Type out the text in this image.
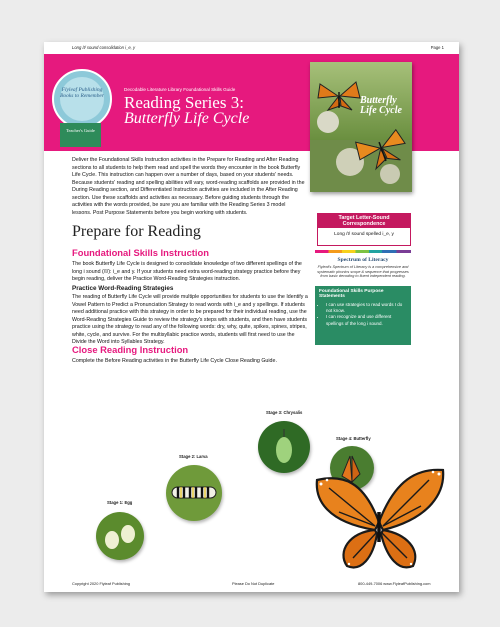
Long /ī/ sound consolidation i_e, y	Page 1
Flyleaf Publishing Books to Remember
Teacher's Guide
Decodable Literature Library Foundational Skills Guide
Reading Series 3:
Butterfly Life Cycle
Butterfly Life Cycle
Deliver the Foundational Skills Instruction activities in the Prepare for Reading and After Reading sections to all students to help them read and spell the words they encounter in the book Butterfly Life Cycle. This instruction can happen over a number of days, based on your students' needs. Because students' reading and spelling abilities will vary, word-reading scaffolds are provided in the During Reading section, and Differentiated Instruction activities are included in the After Reading section. Use these scaffolds and activities as necessary. Before guiding students through the activities with the words provided, be sure you are familiar with the Reading Series 3 model lessons. Post Purpose Statements before you begin working with students.
Target Letter-Sound Correspondence
Long /ī/ sound spelled i_e, y
Spectrum of Literacy
Flyleaf's Spectrum of Literacy is a comprehensive and systematic phonics scope & sequence that progresses from basic decoding to fluent independent reading.
Foundational Skills Purpose Statements
• I can use strategies to read words I do not know.
• I can recognize and use different spellings of the long i sound.
Prepare for Reading
Foundational Skills Instruction
The book Butterfly Life Cycle is designed to consolidate knowledge of two different spellings of the long i sound (/ī/): i_e and y. If your students need extra word-reading strategy practice before they begin reading, deliver the Practice Word-Reading Strategies instruction.
Practice Word-Reading Strategies
The reading of Butterfly Life Cycle will provide multiple opportunities for students to use the Identify a Vowel Pattern to Predict a Pronunciation Strategy to read words with i_e and y spellings. If students need additional practice with this strategy in order to be prepared for their individual reading, use the Word-Reading Strategies Guide to review the strategy's steps with students, and then have students practice using the strategy to read any of the following words: dry, why, quite, spikes, spines, stripes, white, cycle, and survive. For the multisyllabic practice words, students will first need to use the Divide the Word into Syllables Strategy.
Close Reading Instruction
Complete the Before Reading activities in the Butterfly Life Cycle Close Reading Guide.
Stage 1: Egg
Stage 2: Larva
Stage 3: Chrysalis
Stage 4: Butterfly
Copyright 2020 Flyleaf Publishing	Please Do Not Duplicate	800-449-7006 www.FlyleafPublishing.com
